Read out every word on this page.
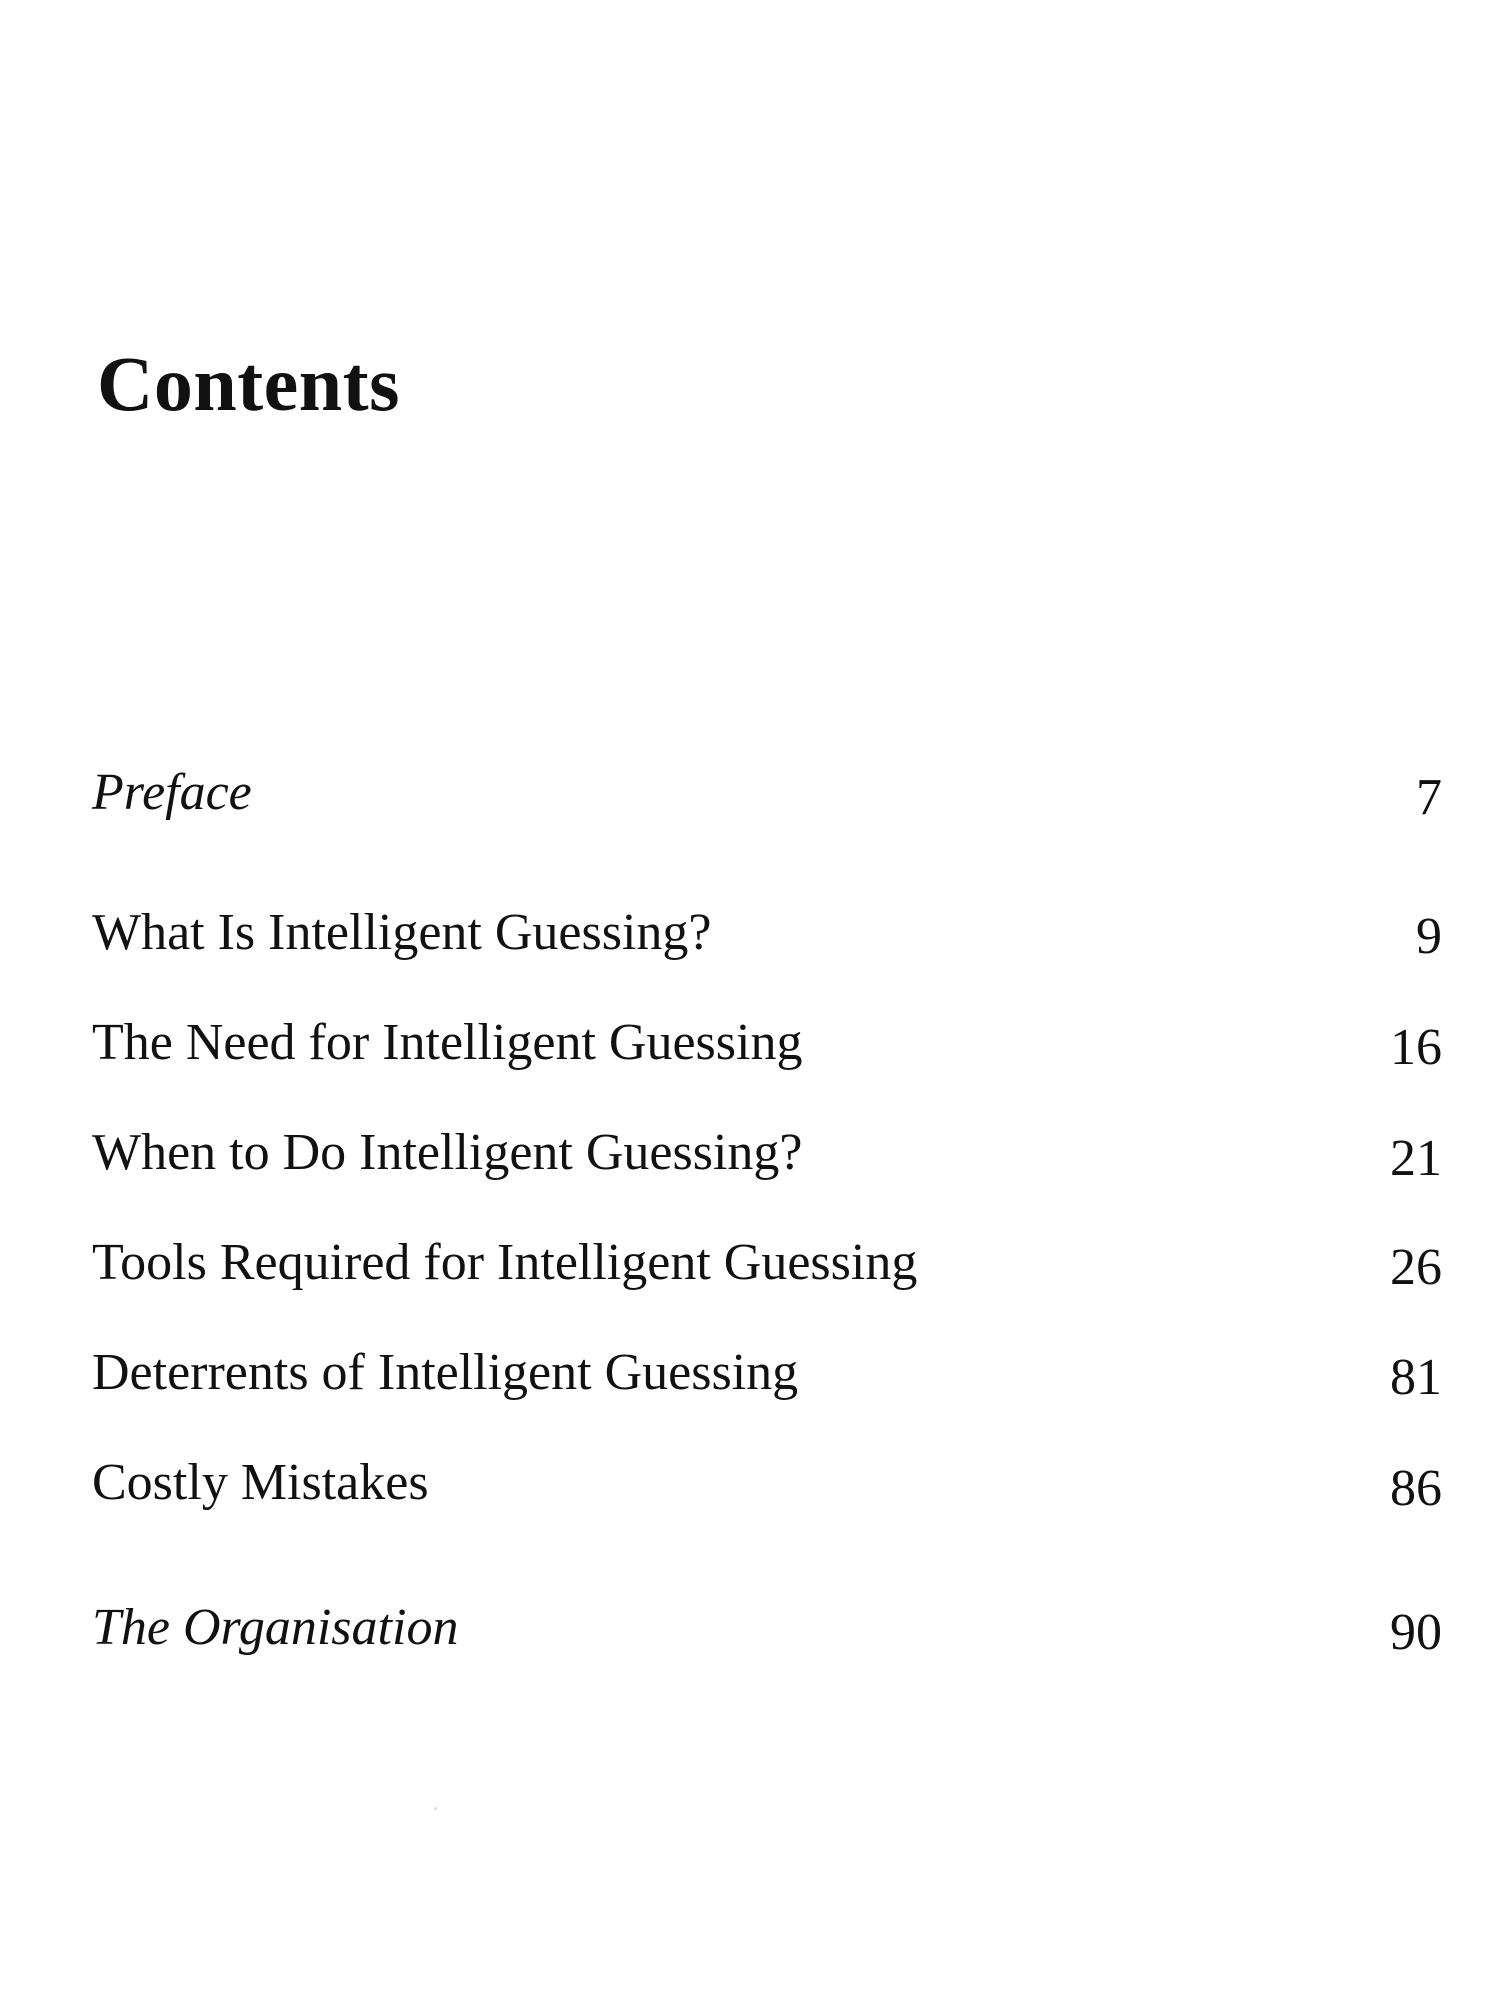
Contents
Preface	7
What Is Intelligent Guessing?	9
The Need for Intelligent Guessing	16
When to Do Intelligent Guessing?	21
Tools Required for Intelligent Guessing	26
Deterrents of Intelligent Guessing	81
Costly Mistakes	86
The Organisation	90
